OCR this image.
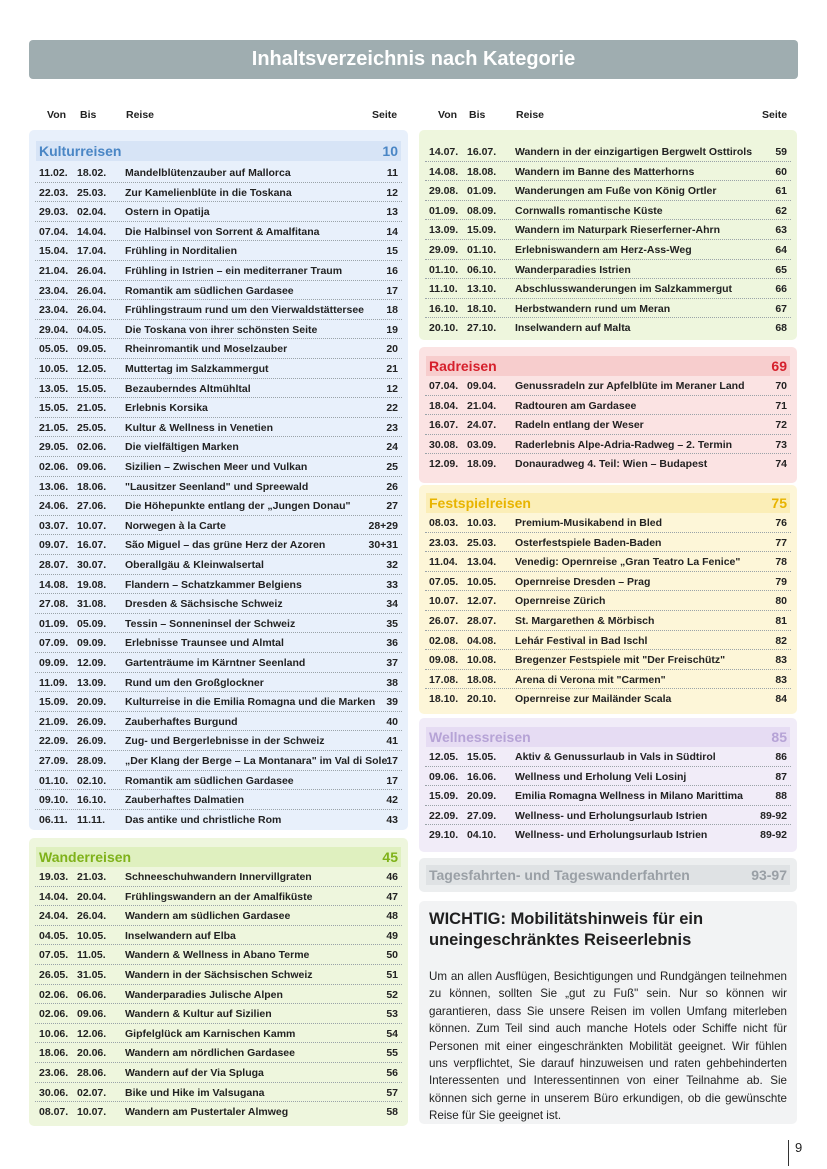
Inhaltsverzeichnis nach Kategorie
Von Bis	Reise	Seite	Von Bis	Reise	Seite
Kulturreisen	10
11.02. 18.02. Mandelblütenzauber auf Mallorca	11
22.03. 25.03. Zur Kamelienblüte in die Toskana	12
29.03. 02.04. Ostern in Opatija	13
07.04. 14.04. Die Halbinsel von Sorrent & Amalfitana	14
15.04. 17.04. Frühling in Norditalien	15
21.04. 26.04. Frühling in Istrien – ein mediterraner Traum	16
23.04. 26.04. Romantik am südlichen Gardasee	17
23.04. 26.04. Frühlingstraum rund um den Vierwaldstättersee 18
29.04. 04.05. Die Toskana von ihrer schönsten Seite	19
05.05. 09.05. Rheinromantik und Moselzauber	20
10.05. 12.05. Muttertag im Salzkammergut	21
13.05. 15.05. Bezauberndes Altmühltal	12
15.05. 21.05. Erlebnis Korsika	22
21.05. 25.05. Kultur & Wellness in Venetien	23
29.05. 02.06. Die vielfältigen Marken	24
02.06. 09.06. Sizilien – Zwischen Meer und Vulkan	25
13.06. 18.06. "Lausitzer Seenland" und Spreewald	26
24.06. 27.06. Die Höhepunkte entlang der „Jungen Donau"	27
03.07. 10.07. Norwegen à la Carte	28+29
09.07. 16.07. São Miguel – das grüne Herz der Azoren	30+31
28.07. 30.07. Oberallgäu & Kleinwalsertal	32
14.08. 19.08. Flandern – Schatzkammer Belgiens	33
27.08. 31.08. Dresden & Sächsische Schweiz	34
01.09. 05.09. Tessin – Sonneninsel der Schweiz	35
07.09. 09.09. Erlebnisse Traunsee und Almtal	36
09.09. 12.09. Gartenträume im Kärntner Seenland	37
11.09. 13.09. Rund um den Großglockner	38
15.09. 20.09. Kulturreise in die Emilia Romagna und die Marken 39
21.09. 26.09. Zauberhaftes Burgund	40
22.09. 26.09. Zug- und Bergerlebnisse in der Schweiz	41
27.09. 28.09. „Der Klang der Berge – La Montanara" im Val di Sole 17
01.10. 02.10. Romantik am südlichen Gardasee	17
09.10. 16.10. Zauberhaftes Dalmatien	42
06.11. 11.11. Das antike und christliche Rom	43
Wanderreisen	45
19.03. 21.03. Schneeschuhwandern Innervillgraten	46
14.04. 20.04. Frühlingswandern an der Amalfiküste	47
24.04. 26.04. Wandern am südlichen Gardasee	48
04.05. 10.05. Inselwandern auf Elba	49
07.05. 11.05. Wandern & Wellness in Abano Terme	50
26.05. 31.05. Wandern in der Sächsischen Schweiz	51
02.06. 06.06. Wanderparadies Julische Alpen	52
02.06. 09.06. Wandern & Kultur auf Sizilien	53
10.06. 12.06. Gipfelglück am Karnischen Kamm	54
18.06. 20.06. Wandern am nördlichen Gardasee	55
23.06. 28.06. Wandern auf der Via Spluga	56
30.06. 02.07. Bike und Hike im Valsugana	57
08.07. 10.07. Wandern am Pustertaler Almweg	58
14.07. 16.07. Wandern in der einzigartigen Bergwelt Osttirols 59
14.08. 18.08. Wandern im Banne des Matterhorns	60
29.08. 01.09. Wanderungen am Fuße von König Ortler	61
01.09. 08.09. Cornwalls romantische Küste	62
13.09. 15.09. Wandern im Naturpark Rieserferner-Ahrn	63
29.09. 01.10. Erlebniswandern am Herz-Ass-Weg	64
01.10. 06.10. Wanderparadies Istrien	65
11.10. 13.10. Abschlusswanderungen im Salzkammergut	66
16.10. 18.10. Herbstwandern rund um Meran	67
20.10. 27.10. Inselwandern auf Malta	68
Radreisen	69
07.04. 09.04. Genussradeln zur Apfelblüte im Meraner Land	70
18.04. 21.04. Radtouren am Gardasee	71
16.07. 24.07. Radeln entlang der Weser	72
30.08. 03.09. Raderlebnis Alpe-Adria-Radweg – 2. Termin	73
12.09. 18.09. Donauradweg 4. Teil: Wien – Budapest	74
Festspielreisen	75
08.03. 10.03. Premium-Musikabend in Bled	76
23.03. 25.03. Osterfestspiele Baden-Baden	77
11.04. 13.04. Venedig: Opernreise „Gran Teatro La Fenice"	78
07.05. 10.05. Opernreise Dresden – Prag	79
10.07. 12.07. Opernreise Zürich	80
26.07. 28.07. St. Margarethen & Mörbisch	81
02.08. 04.08. Lehár Festival in Bad Ischl	82
09.08. 10.08. Bregenzer Festspiele mit "Der Freischütz"	83
17.08. 18.08. Arena di Verona mit "Carmen"	83
18.10. 20.10. Opernreise zur Mailänder Scala	84
Wellnessreisen	85
12.05. 15.05. Aktiv & Genussurlaub in Vals in Südtirol	86
09.06. 16.06. Wellness und Erholung Veli Losinj	87
15.09. 20.09. Emilia Romagna Wellness in Milano Marittima	88
22.09. 27.09. Wellness- und Erholungsurlaub Istrien	89-92
29.10. 04.10. Wellness- und Erholungsurlaub Istrien	89-92
Tagesfahrten- und Tageswanderfahrten	93-97
WICHTIG: Mobilitätshinweis für ein uneingeschränktes Reiseerlebnis
Um an allen Ausflügen, Besichtigungen und Rundgängen teilnehmen zu können, sollten Sie „gut zu Fuß" sein. Nur so können wir garantieren, dass Sie unsere Reisen im vollen Umfang miterleben können. Zum Teil sind auch manche Hotels oder Schiffe nicht für Personen mit einer eingeschränkten Mobilität geeignet. Wir fühlen uns verpflichtet, Sie darauf hinzuweisen und raten gehbehinderten Interessenten und Interessentinnen von einer Teilnahme ab. Sie können sich gerne in unserem Büro erkundigen, ob die gewünschte Reise für Sie geeignet ist.
9
